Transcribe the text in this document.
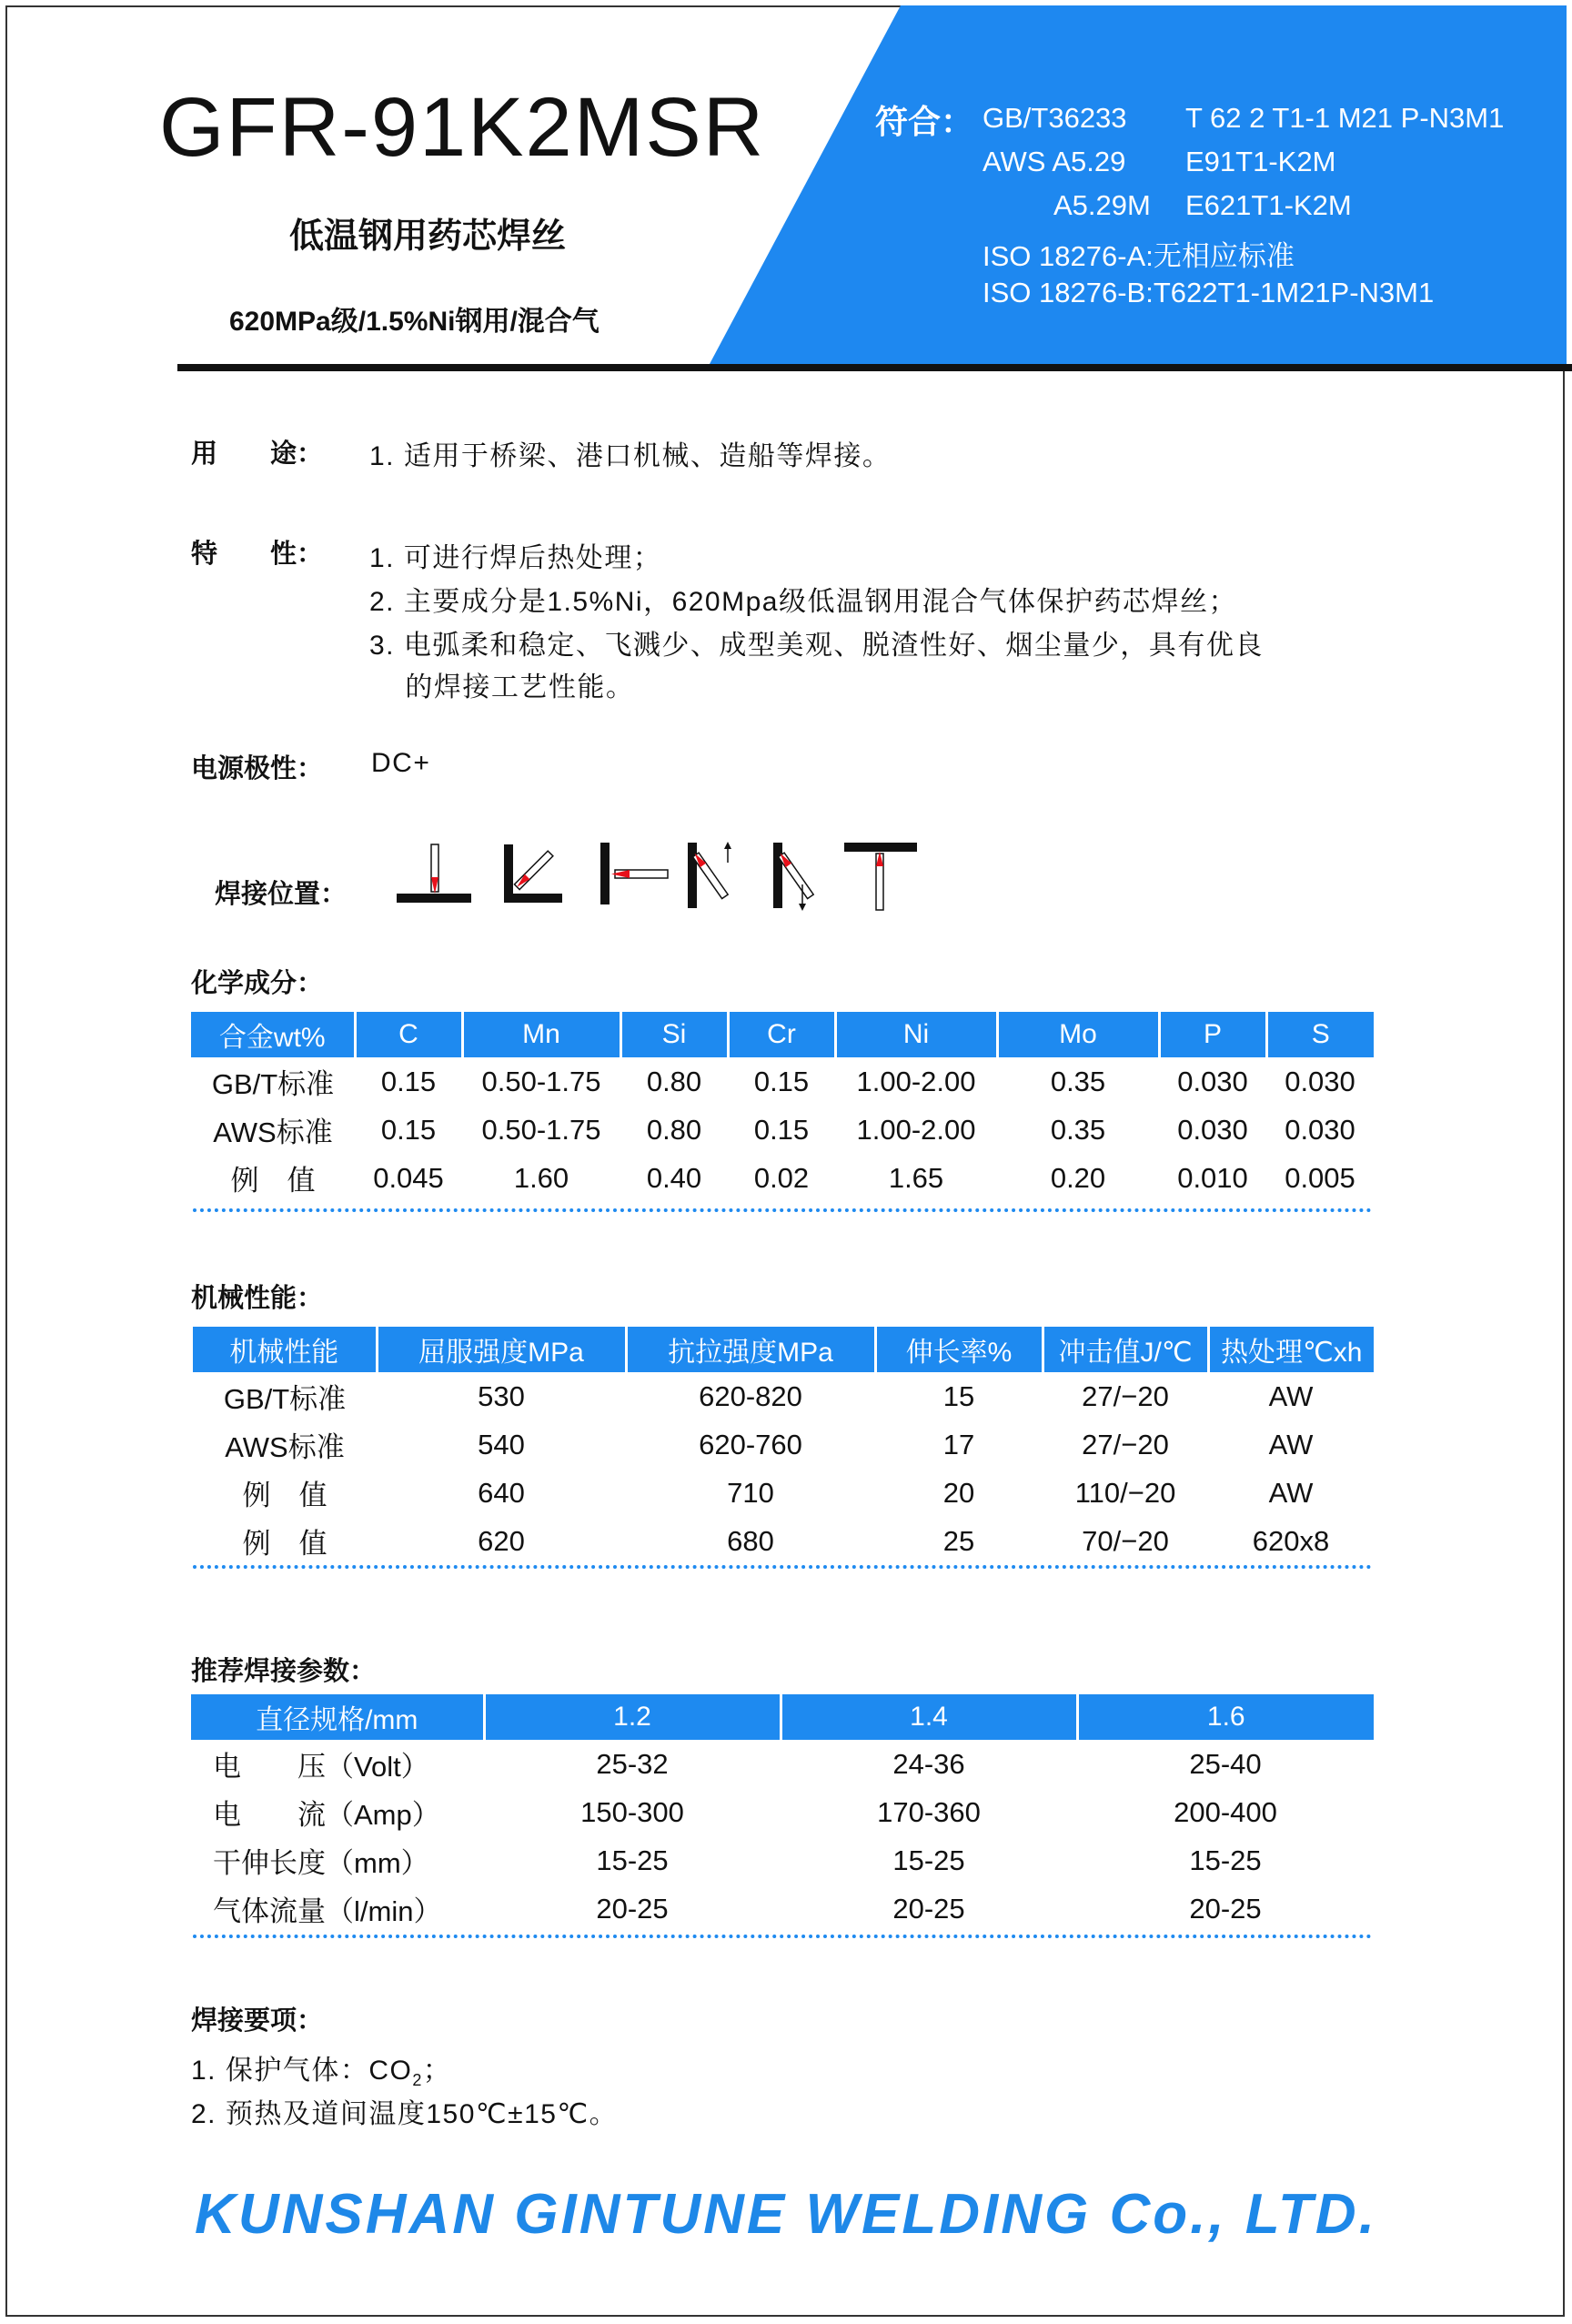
GFR-91K2MSR
低温钢用药芯焊丝
620MPa级/1.5%Ni钢用/混合气
符合： GB/T36233 T 62 2 T1-1 M21 P-N3M1
AWS A5.29 E91T1-K2M
A5.29M E621T1-K2M
ISO 18276-A:无相应标准
ISO 18276-B:T622T1-1M21P-N3M1
用　　途： 1. 适用于桥梁、港口机械、造船等焊接。
特　　性： 1. 可进行焊后热处理；
2. 主要成分是1.5%Ni，620Mpa级低温钢用混合气体保护药芯焊丝；
3. 电弧柔和稳定、飞溅少、成型美观、脱渣性好、烟尘量少，具有优良
的焊接工艺性能。
电源极性： DC+
焊接位置：
化学成分：
合金wt%	C	Mn	Si	Cr	Ni	Mo	P	S
GB/T标准	0.15	0.50-1.75	0.80	0.15	1.00-2.00	0.35	0.030	0.030
AWS标准	0.15	0.50-1.75	0.80	0.15	1.00-2.00	0.35	0.030	0.030
例　值	0.045	1.60	0.40	0.02	1.65	0.20	0.010	0.005
机械性能：
机械性能	屈服强度MPa	抗拉强度MPa	伸长率%	冲击值J/℃	热处理℃xh
GB/T标准	530	620-820	15	27/−20	AW
AWS标准	540	620-760	17	27/−20	AW
例　值	640	710	20	110/−20	AW
例　值	620	680	25	70/−20	620x8
推荐焊接参数：
直径规格/mm	1.2	1.4	1.6
电　　压（Volt）	25-32	24-36	25-40
电　　流（Amp）	150-300	170-360	200-400
干伸长度（mm）	15-25	15-25	15-25
气体流量（l/min）	20-25	20-25	20-25
焊接要项：
1. 保护气体：$CO_2$；
2. 预热及道间温度150℃±15℃。
KUNSHAN GINTUNE WELDING Co., LTD.
